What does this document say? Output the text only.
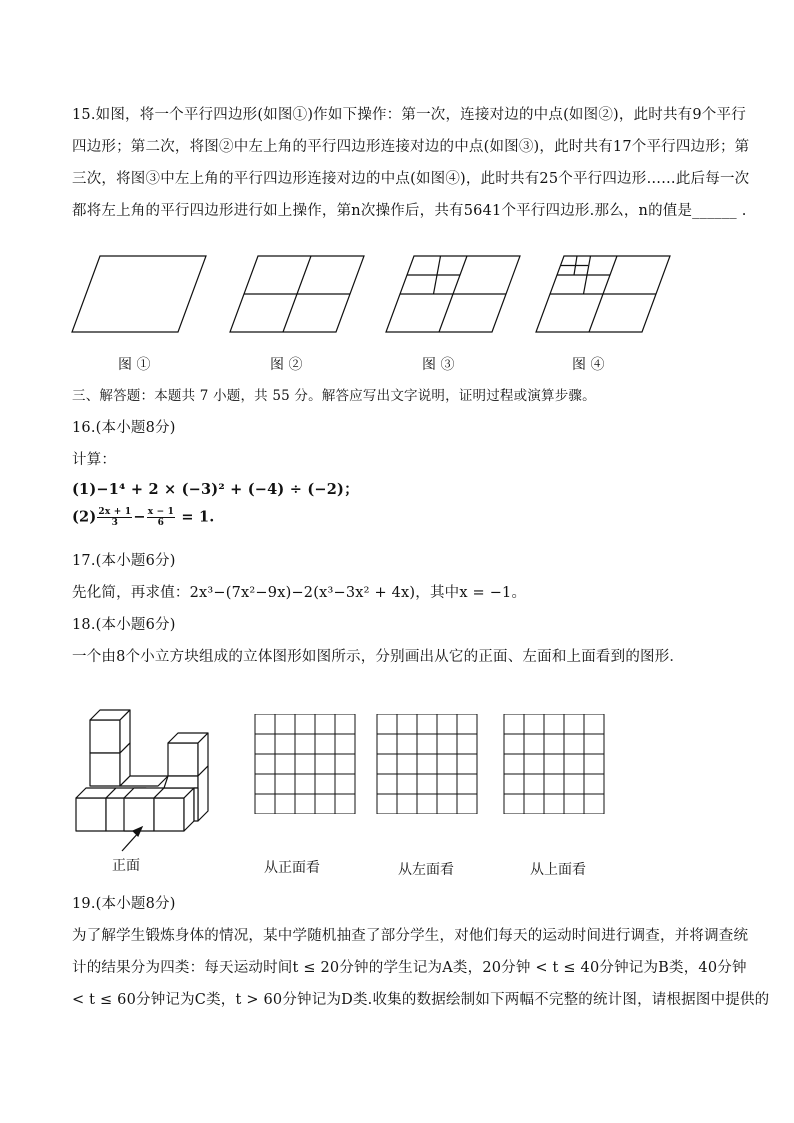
15.如图，将一个平行四边形(如图①)作如下操作：第一次，连接对边的中点(如图②)，此时共有9个平行
四边形；第二次，将图②中左上角的平行四边形连接对边的中点(如图③)，此时共有17个平行四边形；第
三次，将图③中左上角的平行四边形连接对边的中点(如图④)，此时共有25个平行四边形……此后每一次
都将左上角的平行四边形进行如上操作，第n次操作后，共有5641个平行四边形.那么，n的值是______ .
图 ①	图 ②	图 ③	图 ④
三、解答题：本题共 7 小题，共 55 分。解答应写出文字说明，证明过程或演算步骤。
16.(本小题8分)
计算：
(1)−1⁴ + 2 × (−3)² + (−4) ÷ (−2)；
$(2) \frac{2x + 1}{3} - \frac{x - 1}{6} = 1$.
17.(本小题6分)
先化简，再求值：2x³−(7x²−9x)−2(x³−3x² + 4x)，其中x = −1。
18.(本小题6分)
一个由8个小立方块组成的立体图形如图所示，分别画出从它的正面、左面和上面看到的图形．
正面	从正面看	从左面看	从上面看
19.(本小题8分)
为了解学生锻炼身体的情况，某中学随机抽查了部分学生，对他们每天的运动时间进行调查，并将调查统
计的结果分为四类：每天运动时间t ≤ 20分钟的学生记为A类，20分钟 < t ≤ 40分钟记为B类，40分钟
< t ≤ 60分钟记为C类，t > 60分钟记为D类.收集的数据绘制如下两幅不完整的统计图，请根据图中提供的
